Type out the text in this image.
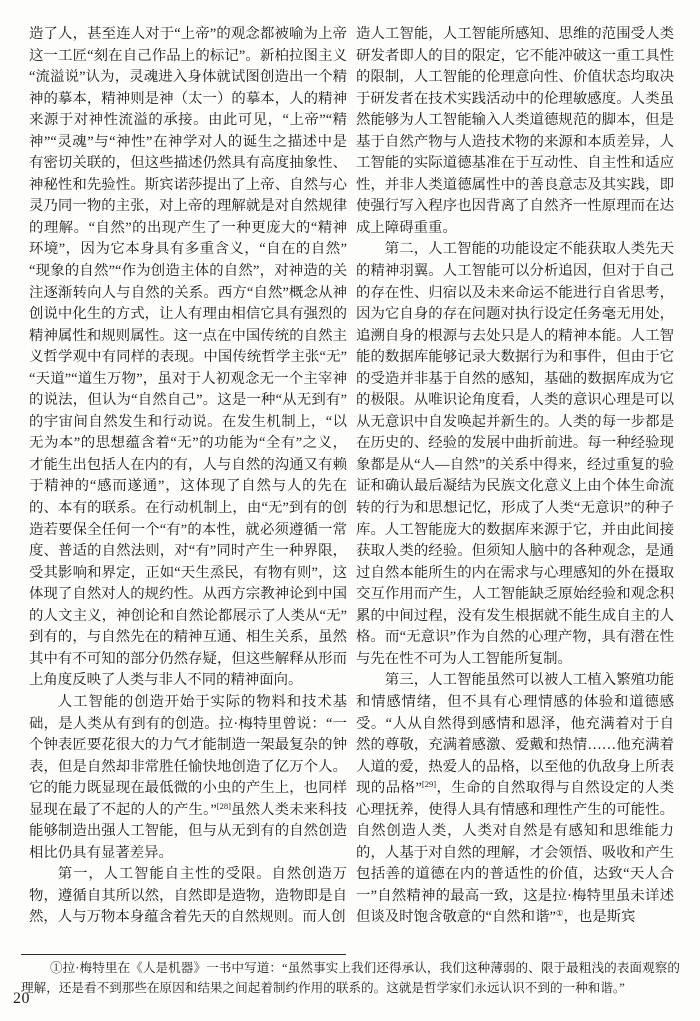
造了人，甚至连人对于“上帝”的观念都被喻为上帝这一工匠“刻在自己作品上的标记”。新柏拉图主义“流溢说”认为，灵魂进入身体就试图创造出一个精神的摹本，精神则是神（太一）的摹本，人的精神来源于对神性流溢的承接。由此可见，“上帝”“精神”“灵魂”与“神性”在神学对人的诞生之描述中是有密切关联的，但这些描述仍然具有高度抽象性、神秘性和先验性。斯宾诺莎提出了上帝、自然与心灵乃同一物的主张，对上帝的理解就是对自然规律的理解。“自然”的出现产生了一种更庞大的“精神环境”，因为它本身具有多重含义，“自在的自然”“现象的自然”“作为创造主体的自然”，对神造的关注逐渐转向人与自然的关系。西方“自然”概念从神创说中化生的方式，让人有理由相信它具有强烈的精神属性和规则属性。这一点在中国传统的自然主义哲学观中有同样的表现。中国传统哲学主张“无”“天道”“道生万物”，虽对于人初观念无一个主宰神的说法，但认为“自然自己”。这是一种“从无到有”的宇宙间自然发生和行动说。在发生机制上，“以无为本”的思想蕴含着“无”的功能为“全有”之义，才能生出包括人在内的有，人与自然的沟通又有赖于精神的“感而遂通”，这体现了自然与人的先在的、本有的联系。在行动机制上，由“无”到有的创造若要保全任何一个“有”的本性，就必须遵循一常度、普适的自然法则，对“有”同时产生一种界限，受其影响和界定，正如“天生烝民，有物有则”，这体现了自然对人的规约性。从西方宗教神论到中国的人文主义，神创论和自然论都展示了人类从“无”到有的，与自然先在的精神互通、相生关系，虽然其中有不可知的部分仍然存疑，但这些解释从形而上角度反映了人类与非人不同的精神面向。

人工智能的创造开始于实际的物料和技术基础，是人类从有到有的创造。拉·梅特里曾说：“一个钟表匠要花很大的力气才能制造一架最复杂的钟表，但是自然却非常胜任愉快地创造了亿万个人。它的能力既显现在最低微的小虫的产生上，也同样显现在最了不起的人的产生。”[28]虽然人类未来科技能够制造出强人工智能，但与从无到有的自然创造相比仍具有显著差异。

第一，人工智能自主性的受限。自然创造万物，遵循自其所以然，自然即是造物，造物即是自然，人与万物本身蕴含着先天的自然规则。而人创

造人工智能，人工智能所感知、思维的范围受人类研发者即人的目的限定，它不能冲破这一重工具性的限制，人工智能的伦理意向性、价值状态均取决于研发者在技术实践活动中的伦理敏感度。人类虽然能够为人工智能输入人类道德规范的脚本，但是基于自然产物与人造技术物的来源和本质差异，人工智能的实际道德基准在于互动性、自主性和适应性，并非人类道德属性中的善良意志及其实践，即使强行写入程序也因背离了自然齐一性原理而在达成上障碍重重。

第二，人工智能的功能设定不能获取人类先天的精神羽翼。人工智能可以分析追因，但对于自己的存在性、归宿以及未来命运不能进行自省思考，因为它自身的存在问题对执行设定任务毫无用处，追溯自身的根源与去处只是人的精神本能。人工智能的数据库能够记录大数据行为和事件，但由于它的受造并非基于自然的感知，基础的数据库成为它的极限。从唯识论角度看，人类的意识心理是可以从无意识中自发唤起并新生的。人类的每一步都是在历史的、经验的发展中曲折前进。每一种经验现象都是从“人—自然”的关系中得来，经过重复的验证和确认最后凝结为民族文化意义上由个体生命流转的行为和思想记忆，形成了人类“无意识”的种子库。人工智能庞大的数据库来源于它，并由此间接获取人类的经验。但须知人脑中的各种观念，是通过自然本能所生的内在需求与心理感知的外在摄取交互作用而产生，人工智能缺乏原始经验和观念积累的中间过程，没有发生根据就不能生成自主的人格。而“无意识”作为自然的心理产物，具有潜在性与先在性不可为人工智能所复制。

第三，人工智能虽然可以被人工植入繁殖功能和情感情绪，但不具有心理情感的体验和道德感受。“人从自然得到感情和恩泽，他充满着对于自然的尊敬，充满着感激、爱戴和热情……他充满着人道的爱，热爱人的品格，以至他的仇敌身上所表现的品格”[29]，生命的自然取得与自然设定的人类心理抚养，使得人具有情感和理性产生的可能性。自然创造人类，人类对自然是有感知和思维能力的，人基于对自然的理解，才会领悟、吸收和产生包括善的道德在内的普适性的价值，达致“天人合一”自然精神的最高一致，这是拉·梅特里虽未详述但谈及时饱含敬意的“自然和谐”①，也是斯宾

①拉·梅特里在《人是机器》一书中写道：“虽然事实上我们还得承认，我们这种薄弱的、限于最粗浅的表面观察的理解，还是看不到那些在原因和结果之间起着制约作用的联系的。这就是哲学家们永远认识不到的一种和谐。”

20
